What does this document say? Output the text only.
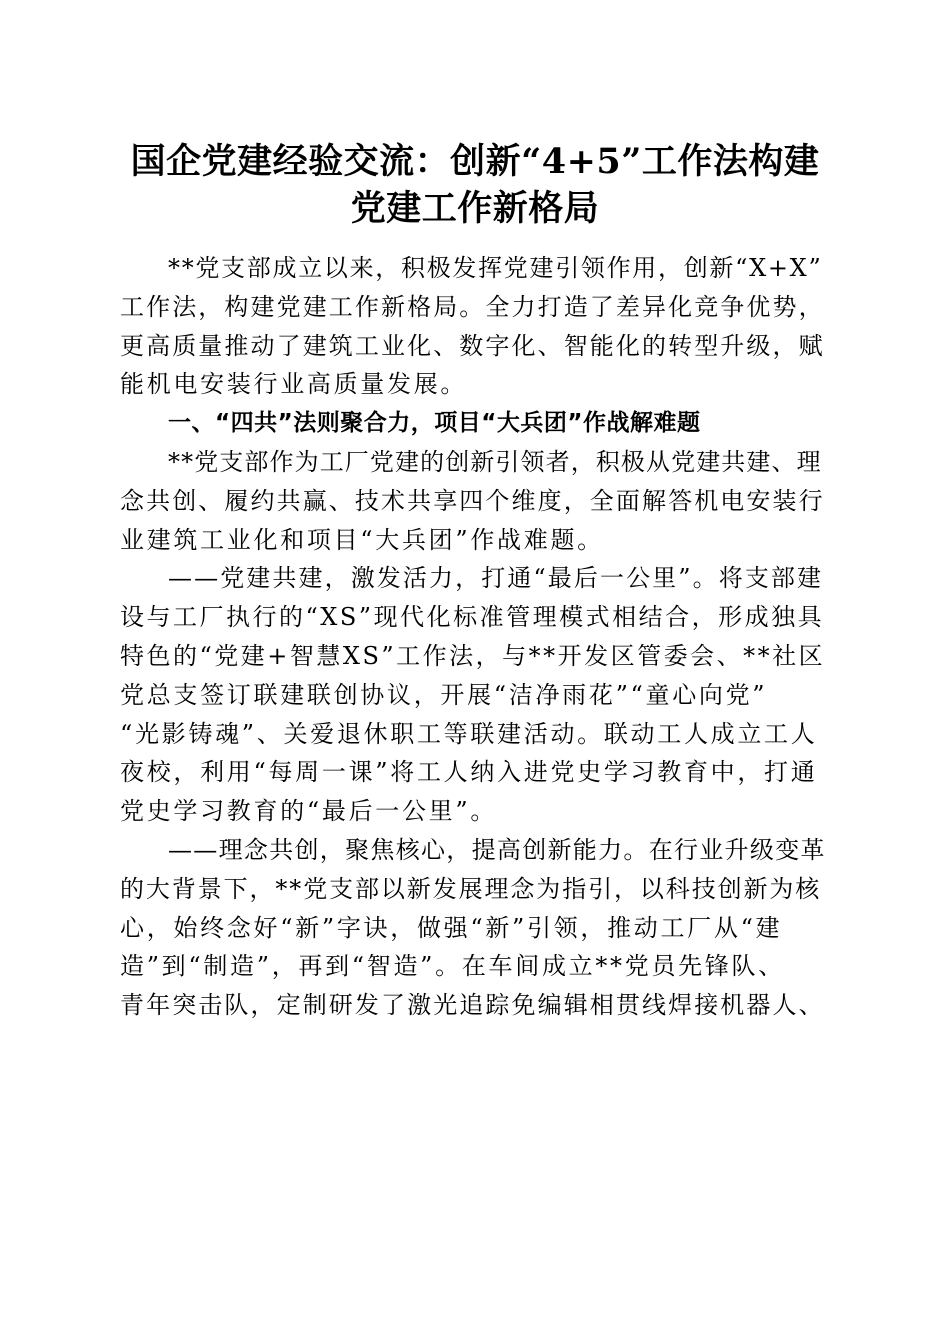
国企党建经验交流：创新“4+5”工作法构建
党建工作新格局
**党支部成立以来，积极发挥党建引领作用，创新“X+X”
工作法，构建党建工作新格局。全力打造了差异化竞争优势，
更高质量推动了建筑工业化、数字化、智能化的转型升级，赋
能机电安装行业高质量发展。
一、“四共”法则聚合力，项目“大兵团”作战解难题
**党支部作为工厂党建的创新引领者，积极从党建共建、理
念共创、履约共赢、技术共享四个维度，全面解答机电安装行
业建筑工业化和项目“大兵团”作战难题。
——党建共建，激发活力，打通“最后一公里”。将支部建
设与工厂执行的“XS”现代化标准管理模式相结合，形成独具
特色的“党建+智慧XS”工作法，与**开发区管委会、**社区
党总支签订联建联创协议，开展“洁净雨花”“童心向党”
“光影铸魂”、关爱退休职工等联建活动。联动工人成立工人
夜校，利用“每周一课”将工人纳入进党史学习教育中，打通
党史学习教育的“最后一公里”。
——理念共创，聚焦核心，提高创新能力。在行业升级变革
的大背景下，**党支部以新发展理念为指引，以科技创新为核
心，始终念好“新”字诀，做强“新”引领，推动工厂从“建
造”到“制造”，再到“智造”。在车间成立**党员先锋队、
青年突击队，定制研发了激光追踪免编辑相贯线焊接机器人、
